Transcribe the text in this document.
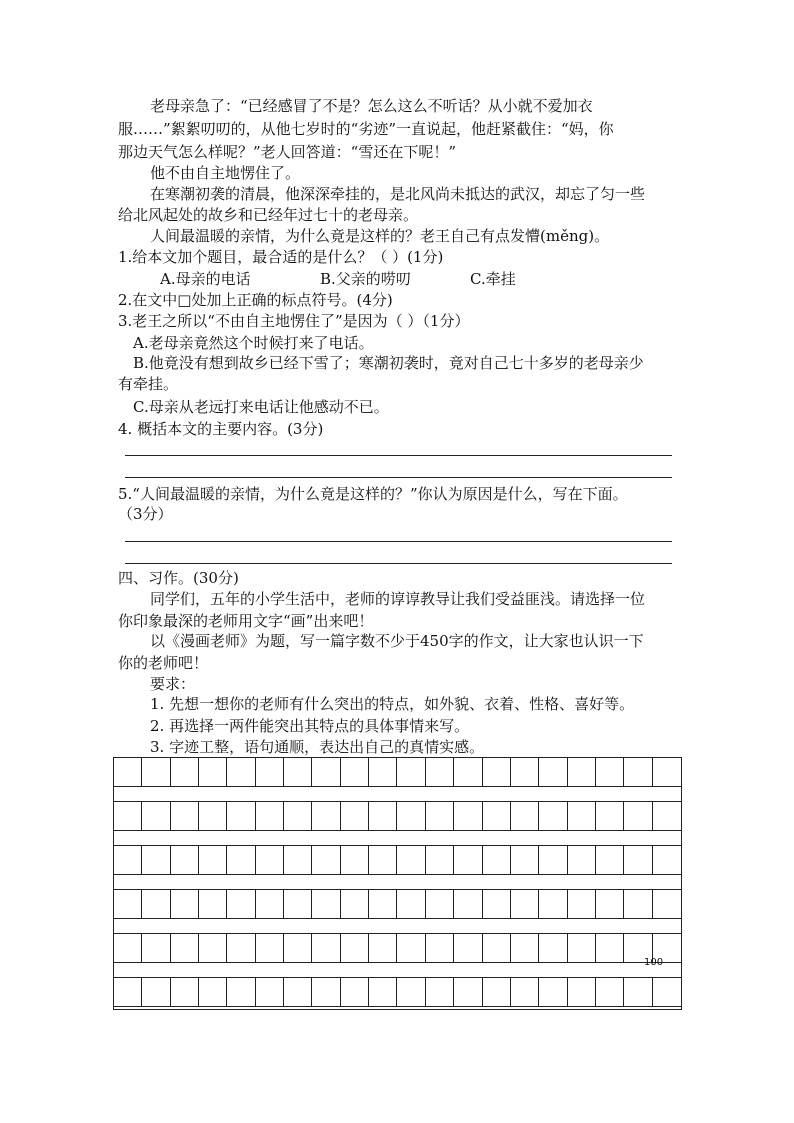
老母亲急了：“已经感冒了不是？怎么这么不听话？从小就不爱加衣
服……”絮絮叨叨的，从他七岁时的“劣迹”一直说起，他赶紧截住：“妈，你
那边天气怎么样呢？”老人回答道：“雪还在下呢！”
他不由自主地愣住了。
在寒潮初袭的清晨，他深深牵挂的，是北风尚未抵达的武汉，却忘了匀一些
给北风起处的故乡和已经年过七十的老母亲。
人间最温暖的亲情，为什么竟是这样的？老王自己有点发懵(měng)。
1.给本文加个题目，最合适的是什么？（ ）(1分)
A.母亲的电话	B.父亲的唠叨	C.牵挂
2.在文中□处加上正确的标点符号。(4分)
3.老王之所以“不由自主地愣住了”是因为（ ）（1分）
A.老母亲竟然这个时候打来了电话。
B.他竟没有想到故乡已经下雪了；寒潮初袭时，竟对自己七十多岁的老母亲少
有牵挂。
C.母亲从老远打来电话让他感动不已。
4. 概括本文的主要内容。(3分)
5.“人间最温暖的亲情，为什么竟是这样的？”你认为原因是什么，写在下面。
（3分）
四、习作。(30分)
同学们，五年的小学生活中，老师的谆谆教导让我们受益匪浅。请选择一位
你印象最深的老师用文字“画”出来吧！
以《漫画老师》为题，写一篇字数不少于450字的作文，让大家也认识一下
你的老师吧！
要求：
1. 先想一想你的老师有什么突出的特点，如外貌、衣着、性格、喜好等。
2. 再选择一两件能突出其特点的具体事情来写。
3. 字迹工整，语句通顺，表达出自己的真情实感。
100
